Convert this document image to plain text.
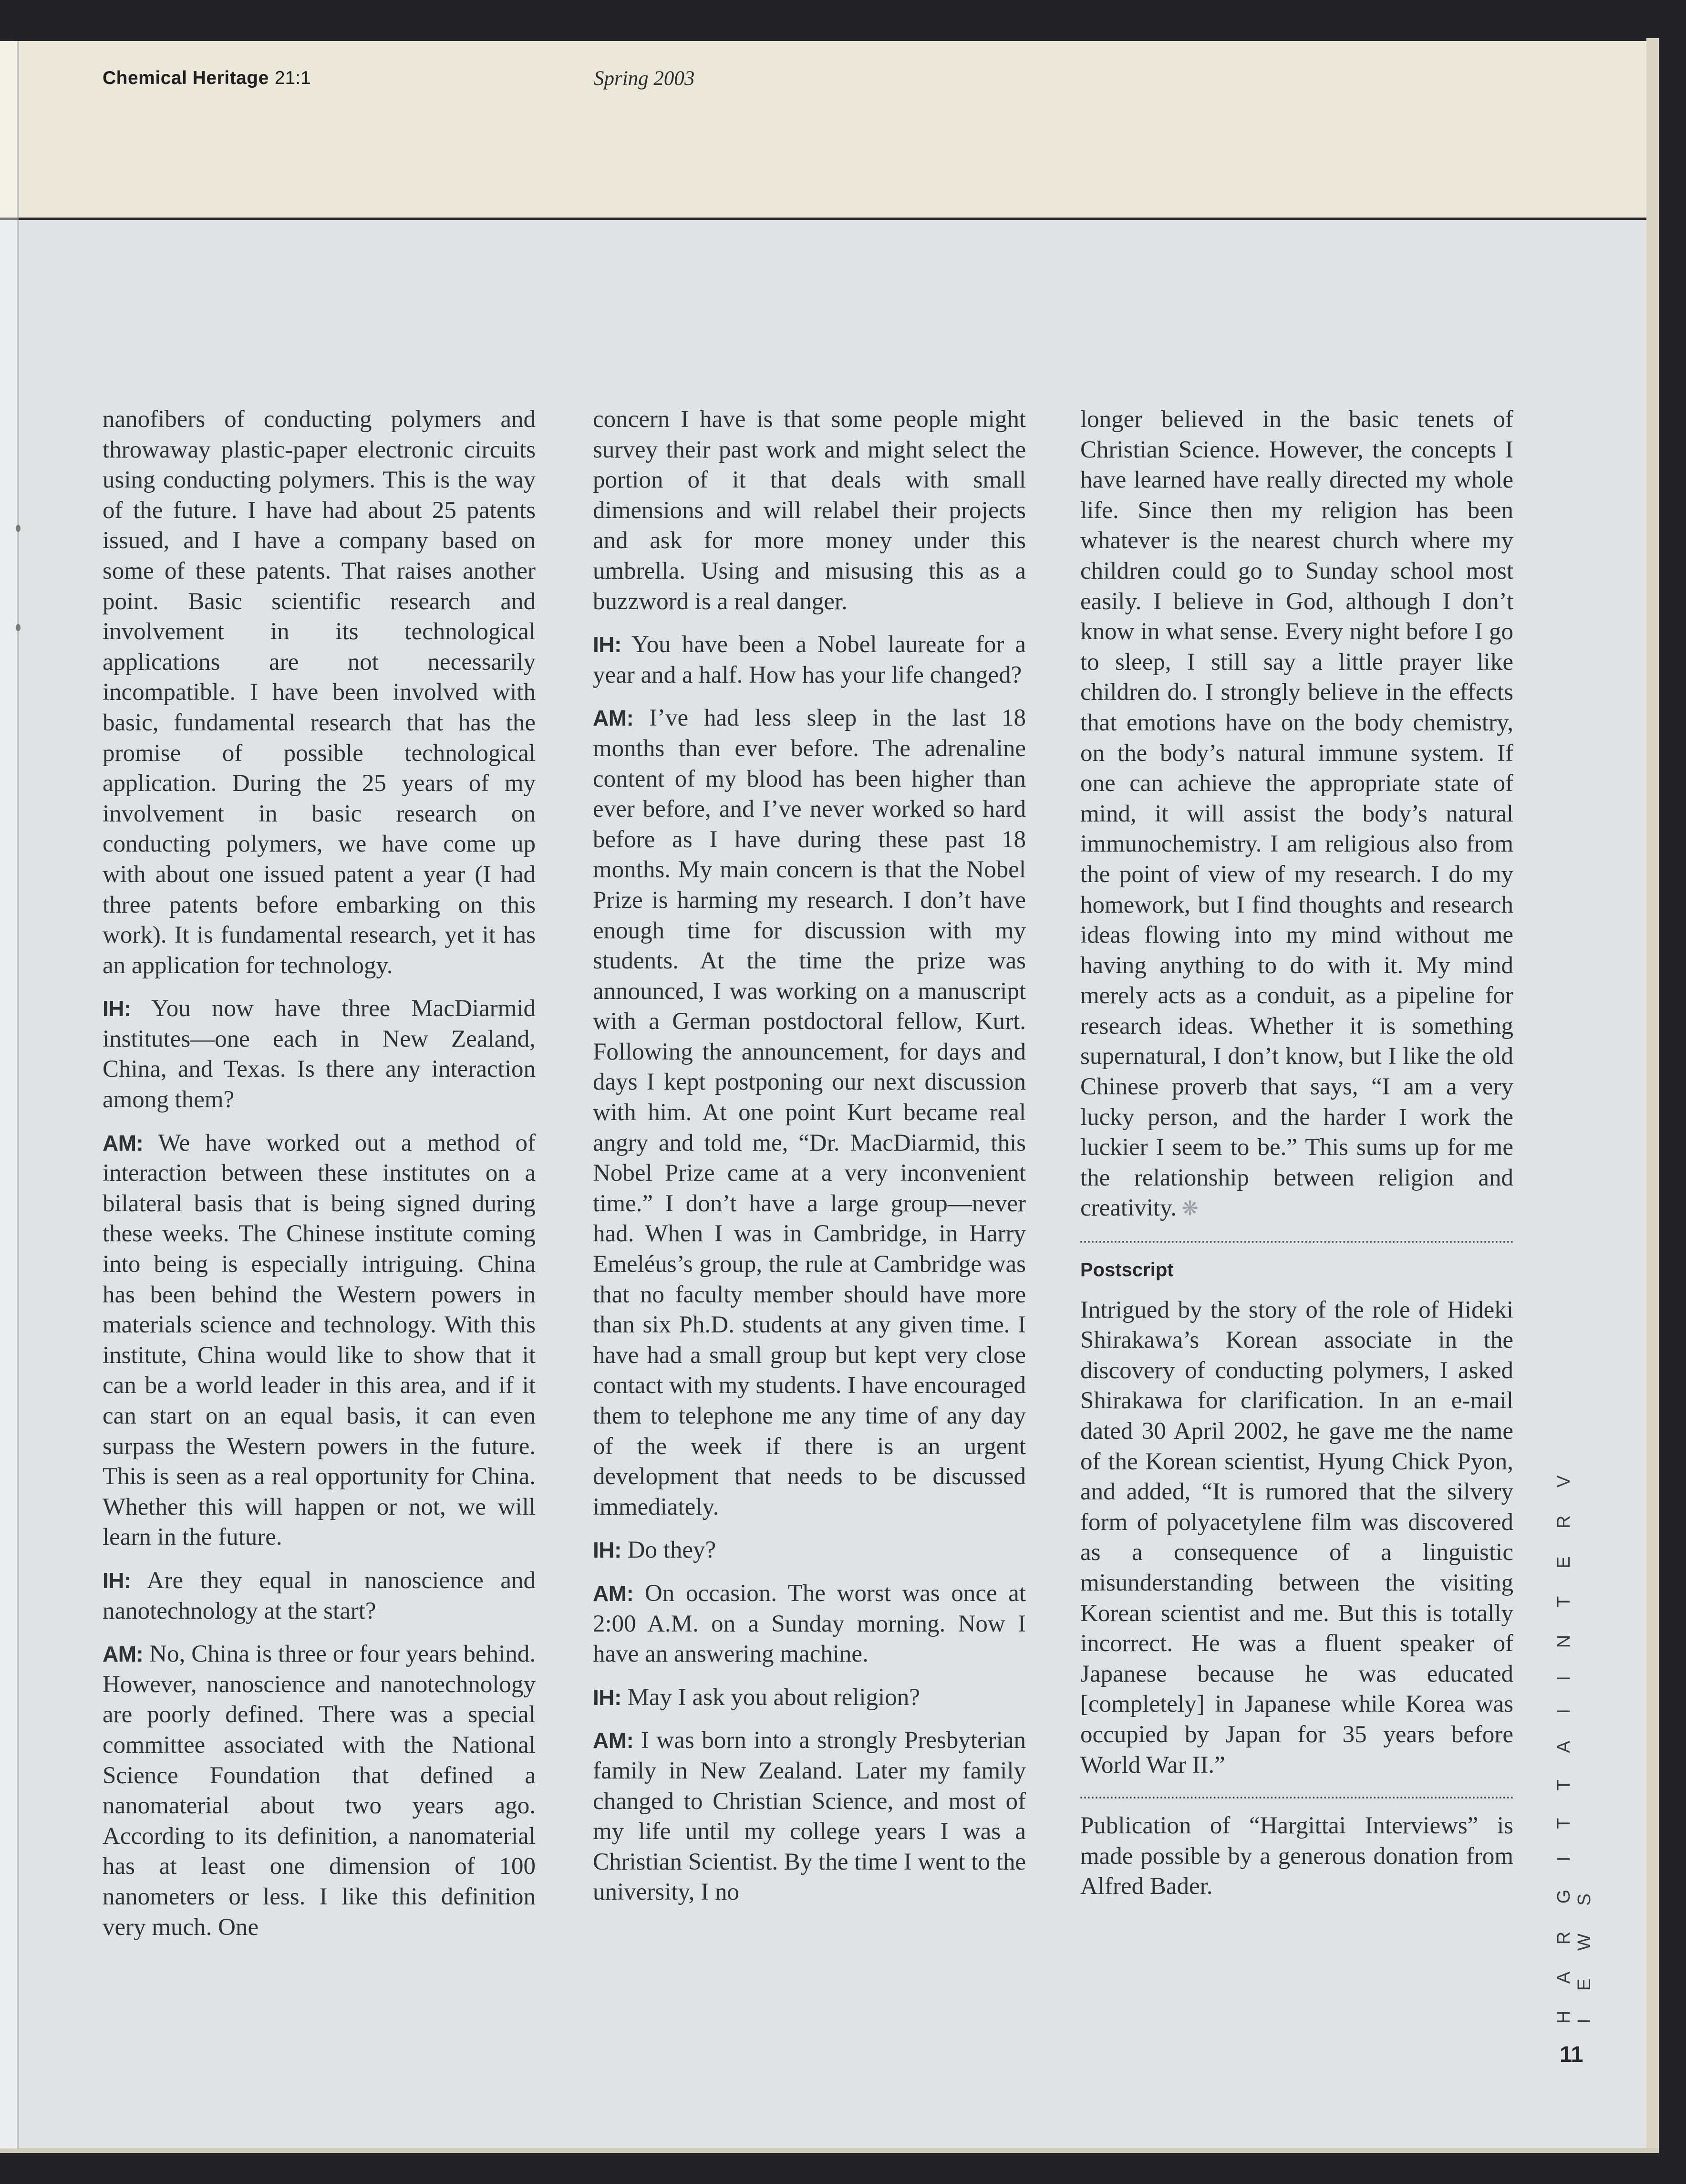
Chemical Heritage 21:1	Spring 2003

nanofibers of conducting polymers and throwaway plastic-paper electronic circuits using conducting polymers. This is the way of the future. I have had about 25 patents issued, and I have a company based on some of these patents. That raises another point. Basic scientific research and involvement in its technological applications are not necessarily incompatible. I have been involved with basic, fundamental research that has the promise of possible technological application. During the 25 years of my involvement in basic research on conducting polymers, we have come up with about one issued patent a year (I had three patents before embarking on this work). It is fundamental research, yet it has an application for technology.

IH: You now have three MacDiarmid institutes—one each in New Zealand, China, and Texas. Is there any interaction among them?

AM: We have worked out a method of interaction between these institutes on a bilateral basis that is being signed during these weeks. The Chinese institute coming into being is especially intriguing. China has been behind the Western powers in materials science and technology. With this institute, China would like to show that it can be a world leader in this area, and if it can start on an equal basis, it can even surpass the Western powers in the future. This is seen as a real opportunity for China. Whether this will happen or not, we will learn in the future.

IH: Are they equal in nanoscience and nanotechnology at the start?

AM: No, China is three or four years behind. However, nanoscience and nanotechnology are poorly defined. There was a special committee associated with the National Science Foundation that defined a nanomaterial about two years ago. According to its definition, a nanomaterial has at least one dimension of 100 nanometers or less. I like this definition very much. One

concern I have is that some people might survey their past work and might select the portion of it that deals with small dimensions and will relabel their projects and ask for more money under this umbrella. Using and misusing this as a buzzword is a real danger.

IH: You have been a Nobel laureate for a year and a half. How has your life changed?

AM: I’ve had less sleep in the last 18 months than ever before. The adrenaline content of my blood has been higher than ever before, and I’ve never worked so hard before as I have during these past 18 months. My main concern is that the Nobel Prize is harming my research. I don’t have enough time for discussion with my students. At the time the prize was announced, I was working on a manuscript with a German postdoctoral fellow, Kurt. Following the announcement, for days and days I kept postponing our next discussion with him. At one point Kurt became real angry and told me, “Dr. MacDiarmid, this Nobel Prize came at a very inconvenient time.” I don’t have a large group—never had. When I was in Cambridge, in Harry Emeléus’s group, the rule at Cambridge was that no faculty member should have more than six Ph.D. students at any given time. I have had a small group but kept very close contact with my students. I have encouraged them to telephone me any time of any day of the week if there is an urgent development that needs to be discussed immediately.

IH: Do they?

AM: On occasion. The worst was once at 2:00 A.M. on a Sunday morning. Now I have an answering machine.

IH: May I ask you about religion?

AM: I was born into a strongly Presbyterian family in New Zealand. Later my family changed to Christian Science, and most of my life until my college years I was a Christian Scientist. By the time I went to the university, I no

longer believed in the basic tenets of Christian Science. However, the concepts I have learned have really directed my whole life. Since then my religion has been whatever is the nearest church where my children could go to Sunday school most easily. I believe in God, although I don’t know in what sense. Every night before I go to sleep, I still say a little prayer like children do. I strongly believe in the effects that emotions have on the body chemistry, on the body’s natural immune system. If one can achieve the appropriate state of mind, it will assist the body’s natural immunochemistry. I am religious also from the point of view of my research. I do my homework, but I find thoughts and research ideas flowing into my mind without me having anything to do with it. My mind merely acts as a conduit, as a pipeline for research ideas. Whether it is something supernatural, I don’t know, but I like the old Chinese proverb that says, “I am a very lucky person, and the harder I work the luckier I seem to be.” This sums up for me the relationship between religion and creativity. ❋

Postscript

Intrigued by the story of the role of Hideki Shirakawa’s Korean associate in the discovery of conducting polymers, I asked Shirakawa for clarification. In an e-mail dated 30 April 2002, he gave me the name of the Korean scientist, Hyung Chick Pyon, and added, “It is rumored that the silvery form of polyacetylene film was discovered as a consequence of a linguistic misunderstanding between the visiting Korean scientist and me. But this is totally incorrect. He was a fluent speaker of Japanese because he was educated [completely] in Japanese while Korea was occupied by Japan for 35 years before World War II.”

Publication of “Hargittai Interviews” is made possible by a generous donation from Alfred Bader.	H A R G I T T A I I N T E R V I E W S
11
